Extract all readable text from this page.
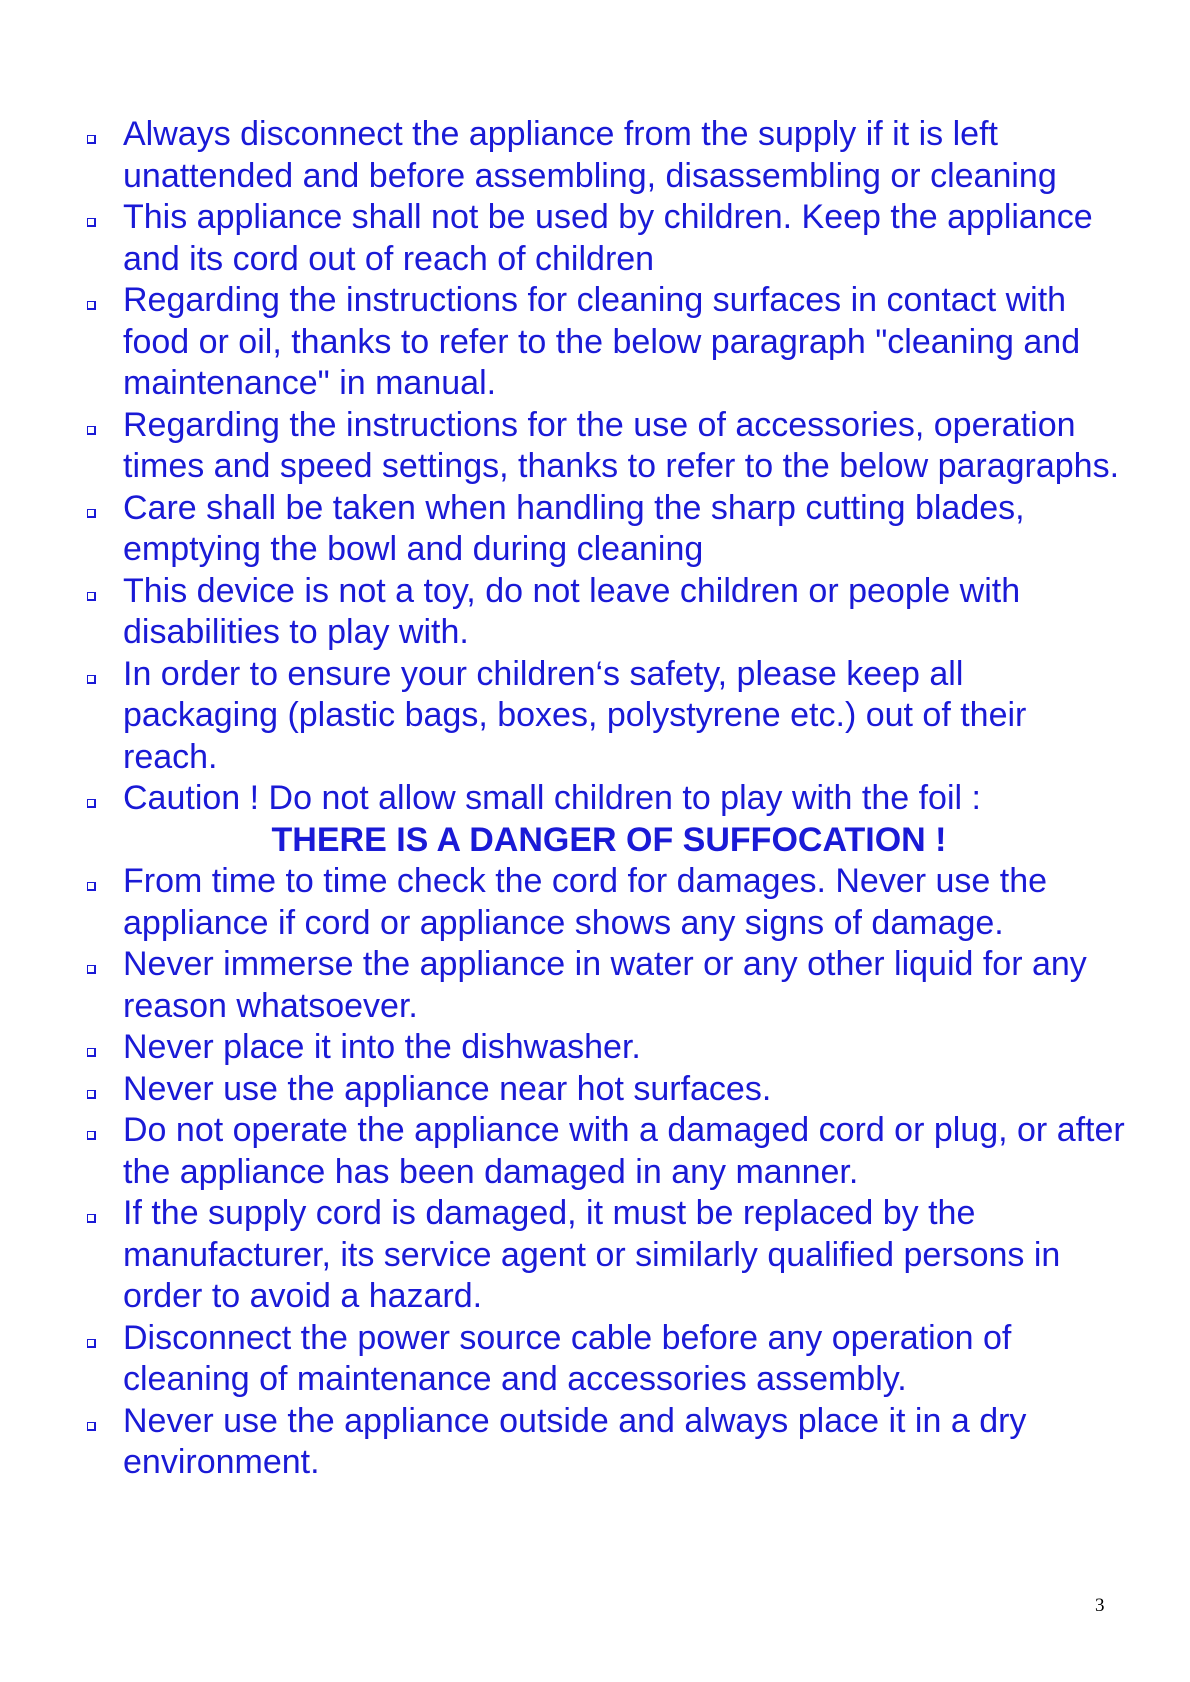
Always disconnect the appliance from the supply if it is left unattended and before assembling, disassembling or cleaning
This appliance shall not be used by children. Keep the appliance and its cord out of reach of children
Regarding the instructions for cleaning surfaces in contact with food or oil, thanks to refer to the below paragraph "cleaning and maintenance" in manual.
Regarding the instructions for the use of accessories, operation times and speed settings, thanks to refer to the below paragraphs.
Care shall be taken when handling the sharp cutting blades, emptying the bowl and during cleaning
This device is not a toy, do not leave children or people with disabilities to play with.
In order to ensure your children‘s safety, please keep all packaging (plastic bags, boxes, polystyrene etc.) out of their reach.
Caution ! Do not allow small children to play with the foil :
THERE IS A DANGER OF SUFFOCATION !
From time to time check the cord for damages. Never use the appliance if cord or appliance shows any signs of damage.
Never immerse the appliance in water or any other liquid for any reason whatsoever.
Never place it into the dishwasher.
Never use the appliance near hot surfaces.
Do not operate the appliance with a damaged cord or plug, or after the appliance has been damaged in any manner.
If the supply cord is damaged, it must be replaced by the manufacturer, its service agent or similarly qualified persons in order to avoid a hazard.
Disconnect the power source cable before any operation of cleaning of maintenance and accessories assembly.
Never use the appliance outside and always place it in a dry environment.
3
